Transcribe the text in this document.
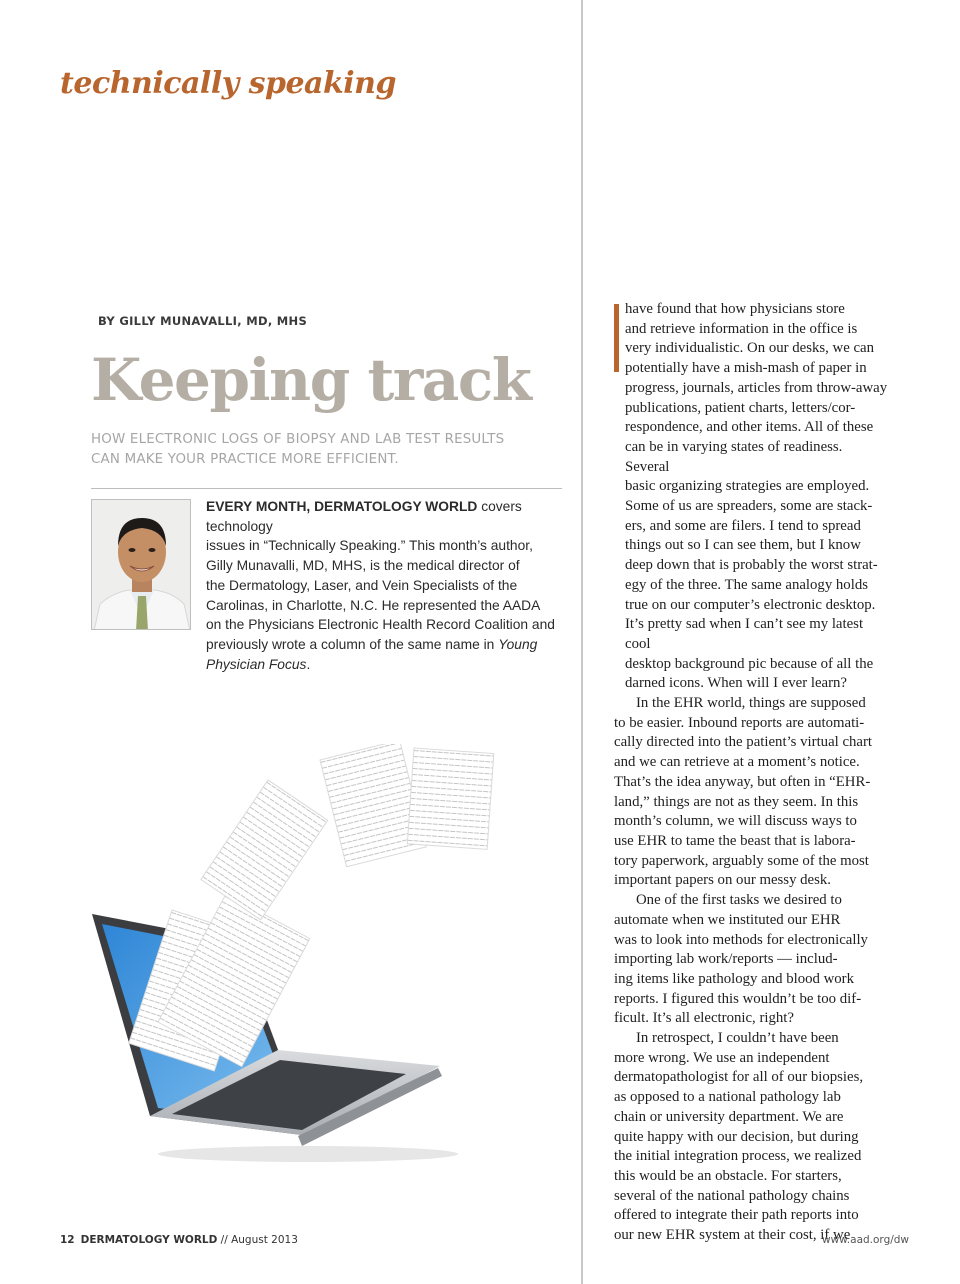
technically speaking
BY GILLY MUNAVALLI, MD, MHS
Keeping track
HOW ELECTRONIC LOGS OF BIOPSY AND LAB TEST RESULTS
CAN MAKE YOUR PRACTICE MORE EFFICIENT.
EVERY MONTH, DERMATOLOGY WORLD covers technology
issues in “Technically Speaking.” This month’s author,
Gilly Munavalli, MD, MHS, is the medical director of
the Dermatology, Laser, and Vein Specialists of the
Carolinas, in Charlotte, N.C. He represented the AADA
on the Physicians Electronic Health Record Coalition and
previously wrote a column of the same name in Young
Physician Focus.

have found that how physicians store
and retrieve information in the office is
very individualistic. On our desks, we can
potentially have a mish-mash of paper in
progress, journals, articles from throw-away
publications, patient charts, letters/cor-
respondence, and other items. All of these
can be in varying states of readiness. Several
basic organizing strategies are employed.
Some of us are spreaders, some are stack-
ers, and some are filers. I tend to spread
things out so I can see them, but I know
deep down that is probably the worst strat-
egy of the three. The same analogy holds
true on our computer’s electronic desktop.
It’s pretty sad when I can’t see my latest cool
desktop background pic because of all the
darned icons. When will I ever learn?

In the EHR world, things are supposed
to be easier. Inbound reports are automati-
cally directed into the patient’s virtual chart
and we can retrieve at a moment’s notice.
That’s the idea anyway, but often in “EHR-
land,” things are not as they seem. In this
month’s column, we will discuss ways to
use EHR to tame the beast that is labora-
tory paperwork, arguably some of the most
important papers on our messy desk.

One of the first tasks we desired to
automate when we instituted our EHR
was to look into methods for electronically
importing lab work/reports — includ-
ing items like pathology and blood work
reports. I figured this wouldn’t be too dif-
ficult. It’s all electronic, right?

In retrospect, I couldn’t have been
more wrong. We use an independent
dermatopathologist for all of our biopsies,
as opposed to a national pathology lab
chain or university department. We are
quite happy with our decision, but during
the initial integration process, we realized
this would be an obstacle. For starters,
several of the national pathology chains
offered to integrate their path reports into
our new EHR system at their cost, if we

12 DERMATOLOGY WORLD // August 2013	www.aad.org/dw
